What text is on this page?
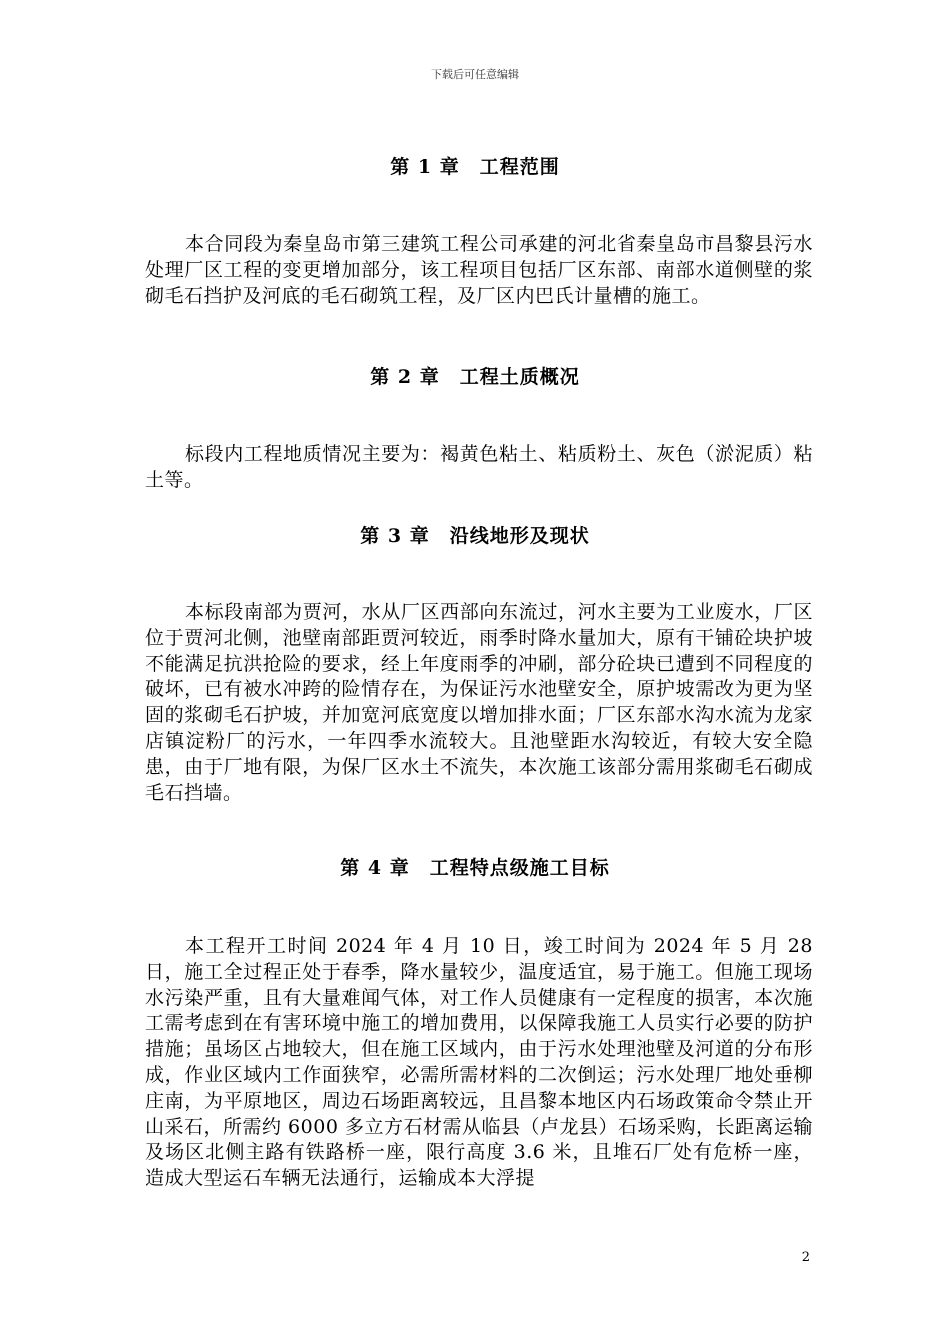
下载后可任意编辑
第 1 章　工程范围
本合同段为秦皇岛市第三建筑工程公司承建的河北省秦皇岛市昌黎县污水处理厂区工程的变更增加部分，该工程项目包括厂区东部、南部水道侧壁的浆砌毛石挡护及河底的毛石砌筑工程，及厂区内巴氏计量槽的施工。
第 2 章　工程土质概况
标段内工程地质情况主要为：褐黄色粘土、粘质粉土、灰色（淤泥质）粘土等。
第 3 章　沿线地形及现状
本标段南部为贾河，水从厂区西部向东流过，河水主要为工业废水，厂区位于贾河北侧，池壁南部距贾河较近，雨季时降水量加大，原有干铺砼块护坡不能满足抗洪抢险的要求，经上年度雨季的冲刷，部分砼块已遭到不同程度的破坏，已有被水冲跨的险情存在，为保证污水池壁安全，原护坡需改为更为坚固的浆砌毛石护坡，并加宽河底宽度以增加排水面；厂区东部水沟水流为龙家店镇淀粉厂的污水，一年四季水流较大。且池壁距水沟较近，有较大安全隐患，由于厂地有限，为保厂区水土不流失，本次施工该部分需用浆砌毛石砌成毛石挡墙。
第 4 章　工程特点级施工目标
本工程开工时间 2024 年 4 月 10 日，竣工时间为 2024 年 5 月 28 日，施工全过程正处于春季，降水量较少，温度适宜，易于施工。但施工现场水污染严重，且有大量难闻气体，对工作人员健康有一定程度的损害，本次施工需考虑到在有害环境中施工的增加费用，以保障我施工人员实行必要的防护措施；虽场区占地较大，但在施工区域内，由于污水处理池壁及河道的分布形成，作业区域内工作面狭窄，必需所需材料的二次倒运；污水处理厂地处垂柳庄南，为平原地区，周边石场距离较远，且昌黎本地区内石场政策命令禁止开山采石，所需约 6000 多立方石材需从临县（卢龙县）石场采购，长距离运输及场区北侧主路有铁路桥一座，限行高度 3.6 米，且堆石厂处有危桥一座，造成大型运石车辆无法通行，运输成本大浮提
2
